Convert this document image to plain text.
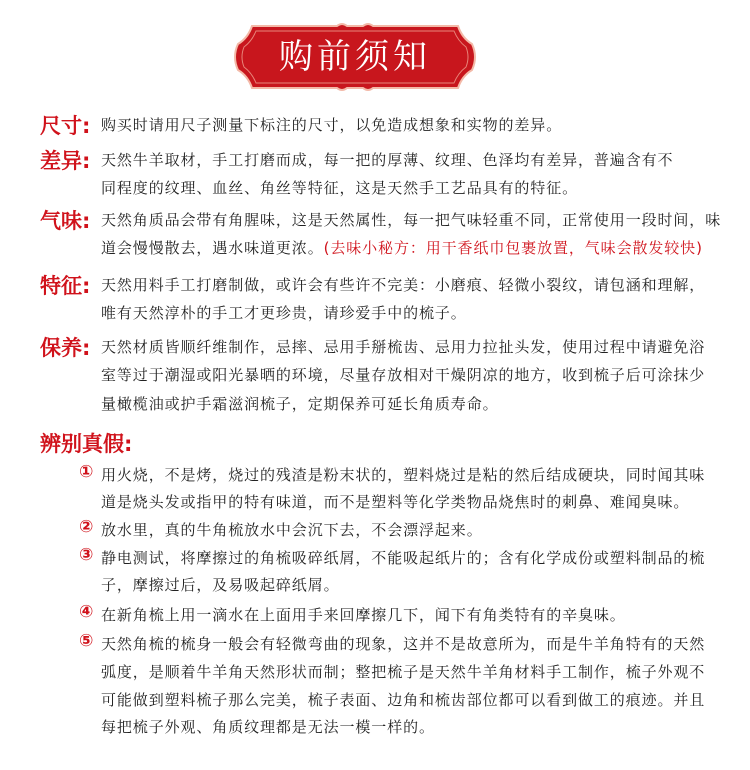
购前须知
尺寸: 购买时请用尺子测量下标注的尺寸，以免造成想象和实物的差异。
差异: 天然牛羊取材，手工打磨而成，每一把的厚薄、纹理、色泽均有差异，普遍含有不
同程度的纹理、血丝、角丝等特征，这是天然手工艺品具有的特征。
气味: 天然角质品会带有角腥味，这是天然属性，每一把气味轻重不同，正常使用一段时间，味
道会慢慢散去，遇水味道更浓。(去味小秘方：用干香纸巾包裹放置，气味会散发较快)
特征: 天然用料手工打磨制做，或许会有些许不完美：小磨痕、轻微小裂纹，请包涵和理解，
唯有天然淳朴的手工才更珍贵，请珍爱手中的梳子。
保养: 天然材质皆顺纤维制作，忌摔、忌用手掰梳齿、忌用力拉扯头发，使用过程中请避免浴
室等过于潮湿或阳光暴晒的环境，尽量存放相对干燥阴凉的地方，收到梳子后可涂抹少
量橄榄油或护手霜滋润梳子，定期保养可延长角质寿命。
辨别真假:
① 用火烧，不是烤，烧过的残渣是粉末状的，塑料烧过是粘的然后结成硬块，同时闻其味
道是烧头发或指甲的特有味道，而不是塑料等化学类物品烧焦时的刺鼻、难闻臭味。
② 放水里，真的牛角梳放水中会沉下去，不会漂浮起来。
③ 静电测试，将摩擦过的角梳吸碎纸屑，不能吸起纸片的；含有化学成份或塑料制品的梳
子，摩擦过后，及易吸起碎纸屑。
④ 在新角梳上用一滴水在上面用手来回摩擦几下，闻下有角类特有的辛臭味。
⑤ 天然角梳的梳身一般会有轻微弯曲的现象，这并不是故意所为，而是牛羊角特有的天然
弧度，是顺着牛羊角天然形状而制；整把梳子是天然牛羊角材料手工制作，梳子外观不
可能做到塑料梳子那么完美，梳子表面、边角和梳齿部位都可以看到做工的痕迹。并且
每把梳子外观、角质纹理都是无法一模一样的。
